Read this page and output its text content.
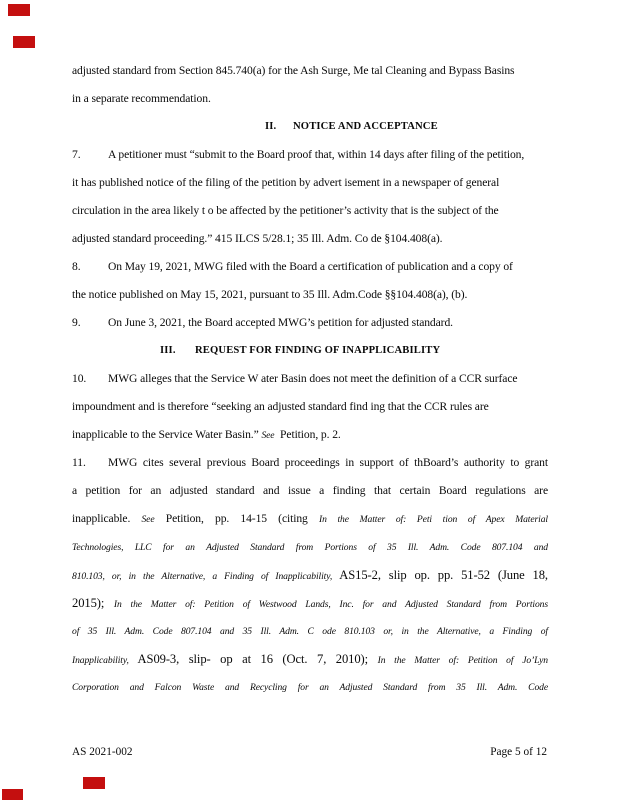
adjusted standard from Section 845.740(a) for the Ash Surge, Me tal Cleaning and Bypass Basins
in a separate recommendation.
II. NOTICE AND ACCEPTANCE
7. A petitioner must “submit to the Board proof that, within 14 days after filing of the petition,
it has published notice of the filing of the petition by advert isement in a newspaper of general
circulation in the area likely t o be affected by the petitioner’s activity that is the subject of the
adjusted standard proceeding.” 415 ILCS 5/28.1; 35 Ill. Adm. Co de §104.408(a).
8. On May 19, 2021, MWG filed with the Board a certification of publication and a copy of
the notice published on May 15, 2021, pursuant to 35 Ill. Adm.Code §§104.408(a), (b).
9. On June 3, 2021, the Board accepted MWG’s petition for adjusted standard.
III. REQUEST FOR FINDING OF INAPPLICABILITY
10. MWG alleges that the Service W ater Basin does not meet the definition of a CCR surface
impoundment and is therefore “seeking an adjusted standard find ing that the CCR rules are
inapplicable to the Service Water Basin.” See  Petition, p. 2.
11. MWG cites several previous Board proceedings in support of thBoard’s authority to grant
a petition for an adjusted standard and issue a finding that certain Board regulations are
inapplicable. See Petition, pp. 14-15 (citing In the Matter of: Peti tion of Apex Material
Technologies, LLC for an Adjusted Standard from Portions of 35 Ill. Adm. Code 807.104 and
810.103, or, in the Alternative, a Finding of Inapplicability, AS15-2, slip op. pp. 51-52 (June 18,
2015); In the Matter of: Petition of Westwood Lands, Inc. for and Adjusted Standard from Portions
of 35 Ill. Adm. Code 807.104 and 35 Ill. Adm. C ode 810.103 or, in the Alternative, a Finding of
Inapplicability, AS09-3, slip- op at 16 (Oct. 7, 2010); In the Matter of: Petition of Jo’Lyn
Corporation and Falcon Waste and Recycling for an Adjusted Standard from 35 Ill. Adm. Code
AS 2021-002	Page 5 of 12
